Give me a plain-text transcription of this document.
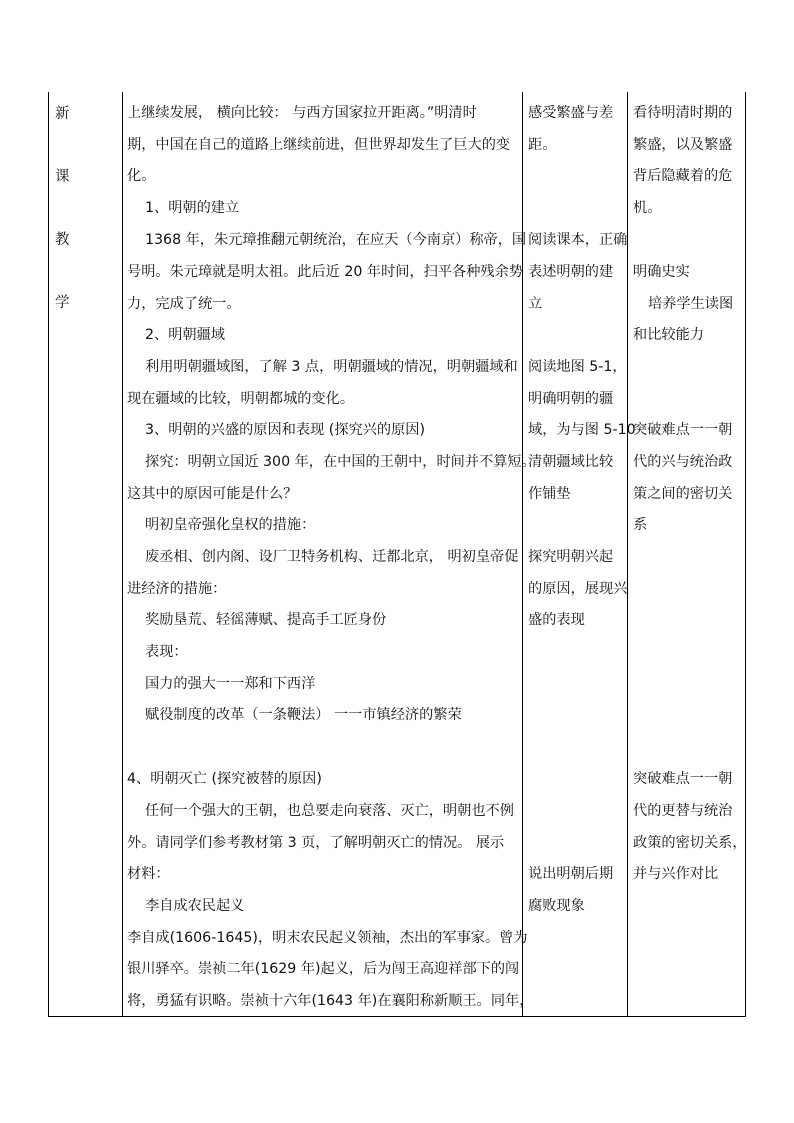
新
课
教
学
上继续发展， 横向比较： 与西方国家拉开距离。”明清时
期，中国在自己的道路上继续前进，但世界却发生了巨大的变
化。
1、明朝的建立
1368 年，朱元璋推翻元朝统治，在应天（今南京）称帝，国
号明。朱元璋就是明太祖。此后近 20 年时间，扫平各种残余势
力，完成了统一。
2、明朝疆域
利用明朝疆域图，了解 3 点，明朝疆域的情况，明朝疆域和
现在疆域的比较，明朝都城的变化。
3、明朝的兴盛的原因和表现 (探究兴的原因)
探究：明朝立国近 300 年，在中国的王朝中，时间并不算短。
这其中的原因可能是什么？
明初皇帝强化皇权的措施：
废丞相、创内阁、设厂卫特务机构、迁都北京， 明初皇帝促
进经济的措施：
奖励垦荒、轻徭薄赋、提高手工匠身份
表现：
国力的强大一一郑和下西洋
赋役制度的改革（一条鞭法） 一一市镇经济的繁荣
4、明朝灭亡 (探究被替的原因)
任何一个强大的王朝，也总要走向衰落、灭亡，明朝也不例
外。请同学们参考教材第 3 页，了解明朝灭亡的情况。 展示
材料：
李自成农民起义
李自成(1606-1645)，明末农民起义领袖，杰出的军事家。曾为
银川驿卒。崇祯二年(1629 年)起义，后为闯王高迎祥部下的闯
将，勇猛有识略。崇祯十六年(1643 年)在襄阳称新顺王。同年，
感受繁盛与差
距。
阅读课本，正确
表述明朝的建
立
阅读地图 5-1，
明确明朝的疆
域，为与图 5-10
清朝疆域比较
作铺垫
探究明朝兴起
的原因，展现兴
盛的表现
说出明朝后期
腐败现象
看待明清时期的
繁盛，以及繁盛
背后隐藏着的危
机。
明确史实
培养学生读图
和比较能力
突破难点一一朝
代的兴与统治政
策之间的密切关
系
突破难点一一朝
代的更替与统治
政策的密切关系，
并与兴作对比
